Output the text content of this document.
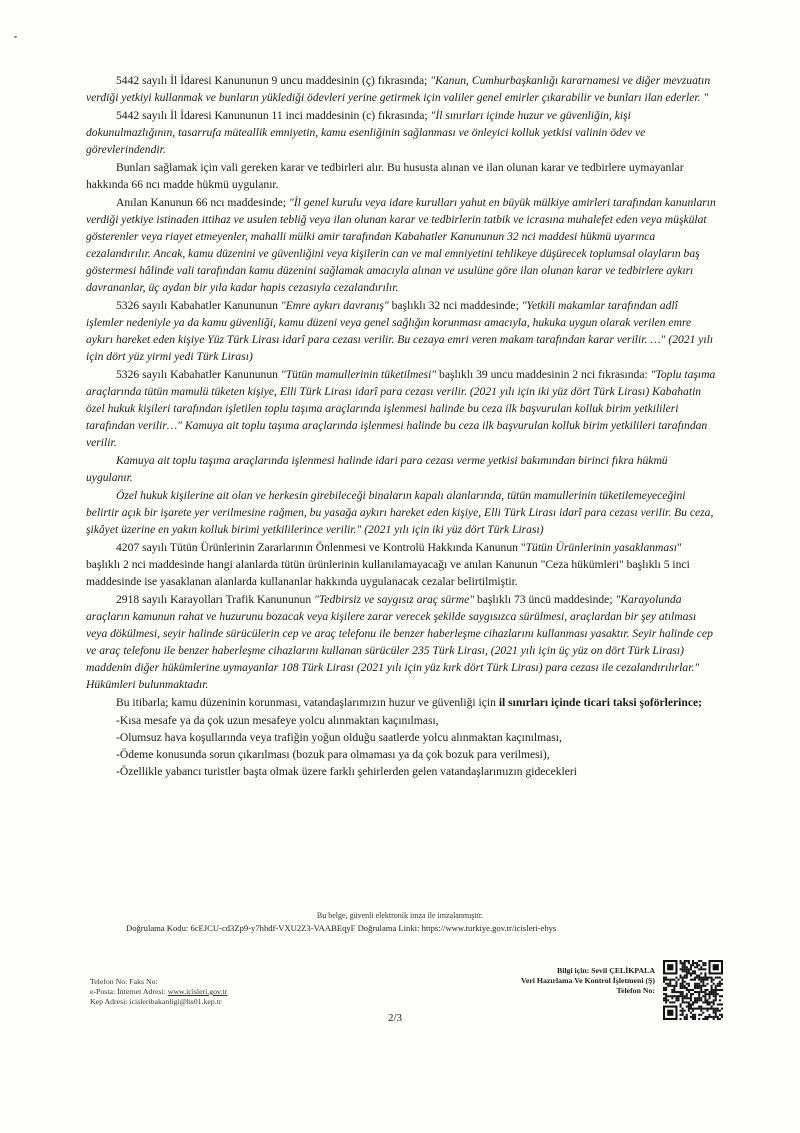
5442 sayılı İl İdaresi Kanununun 9 uncu maddesinin (ç) fıkrasında; "Kanun, Cumhurbaşkanlığı kararnamesi ve diğer mevzuatın verdiği yetkiyi kullanmak ve bunların yüklediği ödevleri yerine getirmek için valiler genel emirler çıkarabilir ve bunları ilan ederler. "

5442 sayılı İl İdaresi Kanununun 11 inci maddesinin (c) fıkrasında; "İl sınırları içinde huzur ve güvenliğin, kişi dokunulmazlığının, tasarrufa müteallik emniyetin, kamu esenliğinin sağlanması ve önleyici kolluk yetkisi valinin ödev ve görevlerindendir.

Bunları sağlamak için vali gereken karar ve tedbirleri alır. Bu hususta alınan ve ilan olunan karar ve tedbirlere uymayanlar hakkında 66 ncı madde hükmü uygulanır.

Anılan Kanunun 66 ncı maddesinde; "İl genel kurulu veya idare kurulları yahut en büyük mülkiye amirleri tarafından kanunların verdiği yetkiye istinaden ittihaz ve usulen tebliğ veya ilan olunan karar ve tedbirlerin tatbik ve icrasına muhalefet eden veya müşkülat gösterenler veya riayet etmeyenler, mahalli mülki amir tarafından Kabahatler Kanununun 32 nci maddesi hükmü uyarınca cezalandırılır. Ancak, kamu düzenini ve güvenliğini veya kişilerin can ve mal emniyetini tehlikeye düşürecek toplumsal olayların baş göstermesi hâlinde vali tarafından kamu düzenini sağlamak amacıyla alınan ve usulüne göre ilan olunan karar ve tedbirlere aykırı davrananlar, üç aydan bir yıla kadar hapis cezasıyla cezalandırılır.

5326 sayılı Kabahatler Kanununun "Emre aykırı davranış" başlıklı 32 nci maddesinde; "Yetkili makamlar tarafından adlî işlemler nedeniyle ya da kamu güvenliği, kamu düzeni veya genel sağlığın korunması amacıyla, hukuka uygun olarak verilen emre aykırı hareket eden kişiye Yüz Türk Lirası idarî para cezası verilir. Bu cezaya emri veren makam tarafından karar verilir. …" (2021 yılı için dört yüz yirmi yedi Türk Lirası)

5326 sayılı Kabahatler Kanununun "Tütün mamullerinin tüketilmesi" başlıklı 39 uncu maddesinin 2 nci fıkrasında: "Toplu taşıma araçlarında tütün mamulü tüketen kişiye, Elli Türk Lirası idarî para cezası verilir. (2021 yılı için iki yüz dört Türk Lirası) Kabahatin özel hukuk kişileri tarafından işletilen toplu taşıma araçlarında işlenmesi halinde bu ceza ilk başvurulan kolluk birim yetkilileri tarafından verilir…" Kamuya ait toplu taşıma araçlarında işlenmesi halinde bu ceza ilk başvurulan kolluk birim yetkilileri tarafından verilir.

Kamuya ait toplu taşıma araçlarında işlenmesi halinde idari para cezası verme yetkisi bakımından birinci fıkra hükmü uygulanır.

Özel hukuk kişilerine ait olan ve herkesin girebileceği binaların kapalı alanlarında, tütün mamullerinin tüketilemeyeceğini belirtir açık bir işarete yer verilmesine rağmen, bu yasağa aykırı hareket eden kişiye, Elli Türk Lirası idarî para cezası verilir. Bu ceza, şikâyet üzerine en yakın kolluk birimi yetkililerince verilir." (2021 yılı için iki yüz dört Türk Lirası)

4207 sayılı Tütün Ürünlerinin Zararlarının Önlenmesi ve Kontrolü Hakkında Kanunun "Tütün Ürünlerinin yasaklanması" başlıklı 2 nci maddesinde hangi alanlarda tütün ürünlerinin kullanılamayacağı ve anılan Kanunun "Ceza hükümleri" başlıklı 5 inci maddesinde ise yasaklanan alanlarda kullananlar hakkında uygulanacak cezalar belirtilmiştir.

2918 sayılı Karayolları Trafik Kanununun "Tedbirsiz ve saygısız araç sürme" başlıklı 73 üncü maddesinde; "Karayolunda araçların kamunun rahat ve huzurunu bozacak veya kişilere zarar verecek şekilde saygısızca sürülmesi, araçlardan bir şey atılması veya dökülmesi, seyir halinde sürücülerin cep ve araç telefonu ile benzer haberleşme cihazlarını kullanması yasaktır. Seyir halinde cep ve araç telefonu ile benzer haberleşme cihazlarını kullanan sürücüler 235 Türk Lirası, (2021 yılı için üç yüz on dört Türk Lirası) maddenin diğer hükümlerine uymayanlar 108 Türk Lirası (2021 yılı için yüz kırk dört Türk Lirası) para cezası ile cezalandırılırlar." Hükümleri bulunmaktadır.

Bu itibarla; kamu düzeninin korunması, vatandaşlarımızın huzur ve güvenliği için il sınırları içinde ticari taksi şoförlerince;

-Kısa mesafe ya da çok uzun mesafeye yolcu alınmaktan kaçınılması,
-Olumsuz hava koşullarında veya trafiğin yoğun olduğu saatlerde yolcu alınmaktan kaçınılması,
-Ödeme konusunda sorun çıkarılması (bozuk para olmaması ya da çok bozuk para verilmesi),
-Özellikle yabancı turistler başta olmak üzere farklı şehirlerden gelen vatandaşlarımızın gidecekleri
Bu belge, güvenli elektronik imza ile imzalanmıştır.
Doğrulama Kodu: 6cEJCU-cd3Zp9-y7hhdf-VXU2Z3-VAABEqyF Doğrulama Linki: https://www.turkiye.gov.tr/icisleri-ebys
Telefon No: Faks No:
e-Posta: İnternet Adresi: www.icisleri.gov.tr
Kep Adresi: icisleribakanligi@hs01.kep.tr
Bilgi için: Sevil ÇELİKPALA
Veri Hazırlama Ve Kontrol İşletmeni (Ş)
Telefon No:
2/3
